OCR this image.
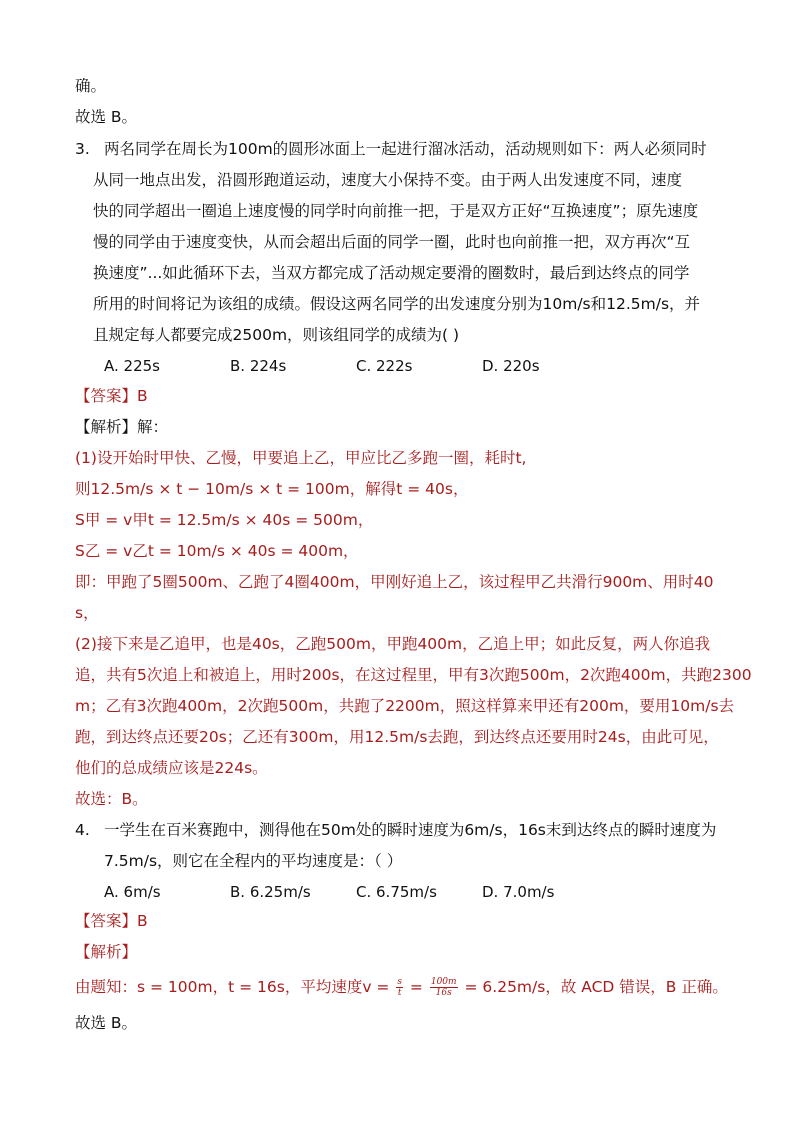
确。
故选 B。
3. 两名同学在周长为100m的圆形冰面上一起进行溜冰活动，活动规则如下：两人必须同时
从同一地点出发，沿圆形跑道运动，速度大小保持不变。由于两人出发速度不同，速度
快的同学超出一圈追上速度慢的同学时向前推一把，于是双方正好“互换速度”；原先速度
慢的同学由于速度变快，从而会超出后面的同学一圈，此时也向前推一把，双方再次“互
换速度”...如此循环下去，当双方都完成了活动规定要滑的圈数时，最后到达终点的同学
所用的时间将记为该组的成绩。假设这两名同学的出发速度分别为10m/s和12.5m/s，并
且规定每人都要完成2500m，则该组同学的成绩为( )
A. 225s	B. 224s	C. 222s	D. 220s
【答案】B
【解析】解：
(1)设开始时甲快、乙慢，甲要追上乙，甲应比乙多跑一圈，耗时t,
则12.5m/s × t − 10m/s × t = 100m，解得t = 40s，
S甲 = v甲t = 12.5m/s × 40s = 500m，
S乙 = v乙t = 10m/s × 40s = 400m，
即：甲跑了5圈500m、乙跑了4圈400m，甲刚好追上乙，该过程甲乙共滑行900m、用时40
s，
(2)接下来是乙追甲，也是40s，乙跑500m，甲跑400m，乙追上甲；如此反复，两人你追我
追，共有5次追上和被追上，用时200s，在这过程里，甲有3次跑500m，2次跑400m，共跑2300
m；乙有3次跑400m，2次跑500m，共跑了2200m，照这样算来甲还有200m，要用10m/s去
跑，到达终点还要20s；乙还有300m，用12.5m/s去跑，到达终点还要用时24s，由此可见，
他们的总成绩应该是224s。
故选：B。
4. 一学生在百米赛跑中，测得他在50m处的瞬时速度为6m/s，16s末到达终点的瞬时速度为
7.5m/s，则它在全程内的平均速度是：（ ）
A. 6m/s	B. 6.25m/s	C. 6.75m/s	D. 7.0m/s
【答案】B
【解析】
由题知：s = 100m，t = 16s，平均速度$v = \frac{s}{t} = \frac{100m}{16s} = 6.25m/s$，故 ACD 错误，B 正确。
故选 B。
